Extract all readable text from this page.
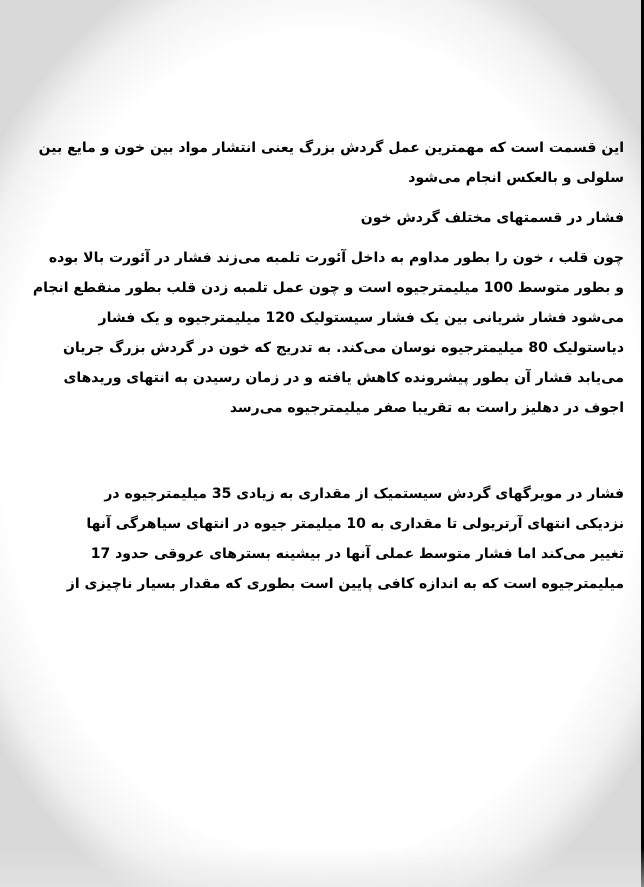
این قسمت است که مهمترین عمل گردش بزرگ یعنی انتشار مواد بین خون و مایع بین
سلولی و بالعکس انجام می‌شود
فشار در قسمتهای مختلف گردش خون
چون قلب ، خون را بطور مداوم به داخل آئورت تلمبه می‌زند فشار در آئورت بالا بوده
و بطور متوسط 100 میلیمترجیوه است و چون عمل تلمبه زدن قلب بطور منقطع انجام
می‌شود فشار شریانی بین یک فشار سیستولیک 120 میلیمترجیوه و یک فشار
دیاستولیک 80 میلیمترجیوه نوسان می‌کند. به تدریج که خون در گردش بزرگ جریان
می‌یابد فشار آن بطور پیشرونده کاهش یافته و در زمان رسیدن به انتهای وریدهای
اجوف در دهلیز راست به تقریبا صفر میلیمترجیوه می‌رسد
فشار در مویرگهای گردش سیستمیک از مقداری به زیادی 35 میلیمترجیوه در
نزدیکی انتهای آرتریولی تا مقداری به 10 میلیمتر جیوه در انتهای سیاهرگی آنها
تغییر می‌کند اما فشار متوسط عملی آنها در بیشینه بسترهای عروقی حدود 17
میلیمترجیوه است که به اندازه کافی پایین است بطوری که مقدار بسیار ناچیزی از
